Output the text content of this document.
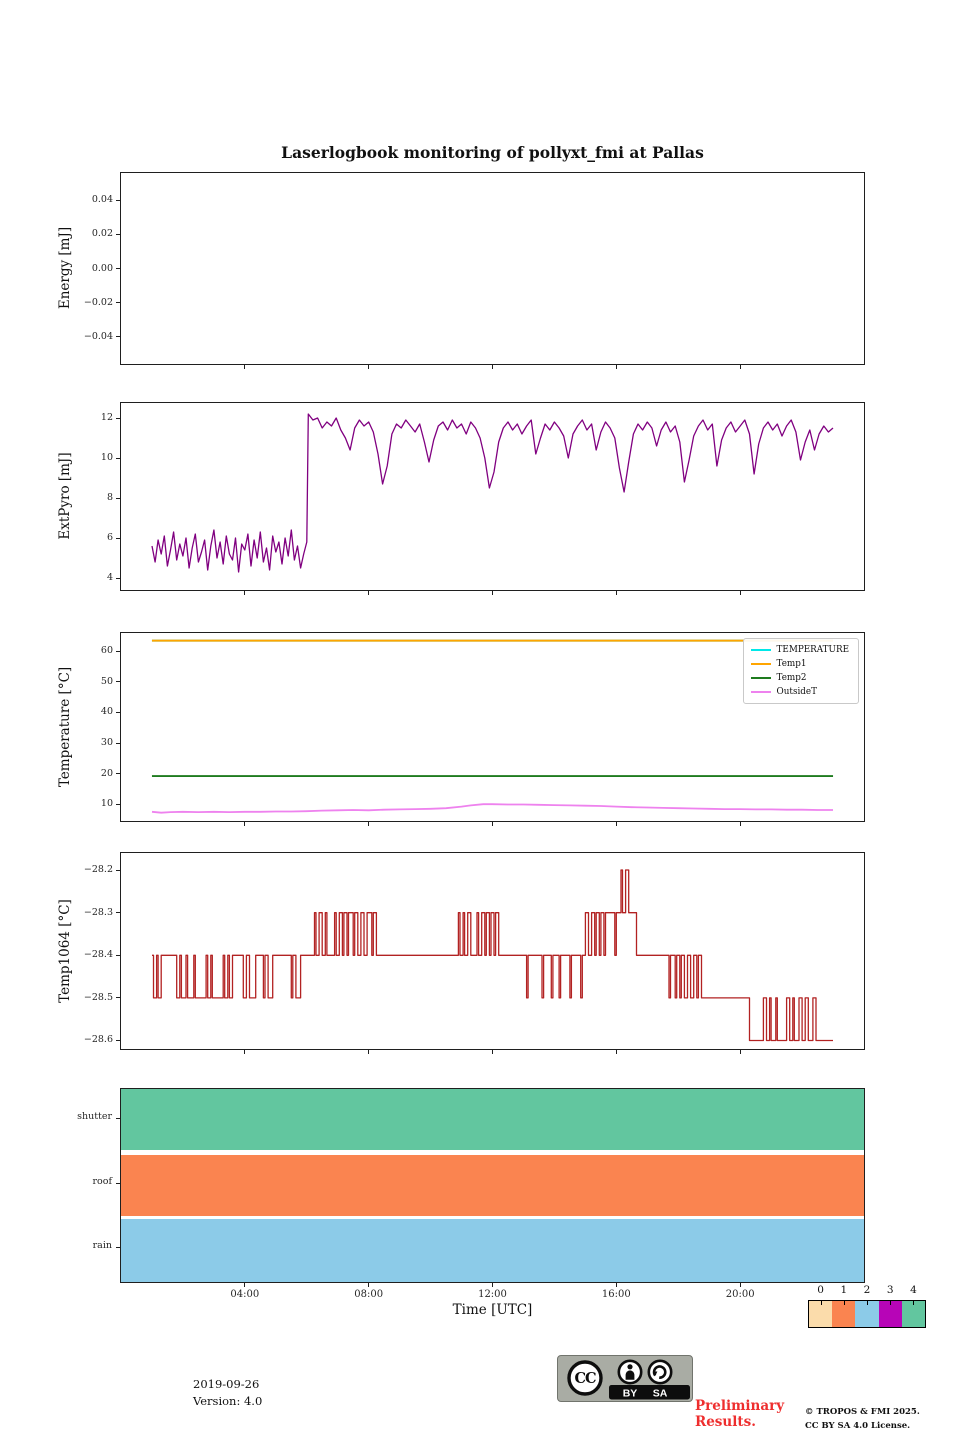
Laserlogbook monitoring of pollyxt_fmi at Pallas
Energy [mJ]
ExtPyro [mJ]
Temperature [°C]
Temp1064 [°C]
0.04
0.02
0.00
−0.02
−0.04
4
6
8
10
12
10
20
30
40
50
60	TEMPERATURE
Temp1
Temp2
OutsideT
−28.2
−28.3
−28.4
−28.5
−28.6
04:00	08:00	12:00	16:00	20:00
shutter
roof
rain
Time [UTC]
0 1 2 3 4
2019-09-26
Version: 4.0
CC
BY SA
Preliminary
Results.
© TROPOS & FMI 2025.
CC BY SA 4.0 License.
